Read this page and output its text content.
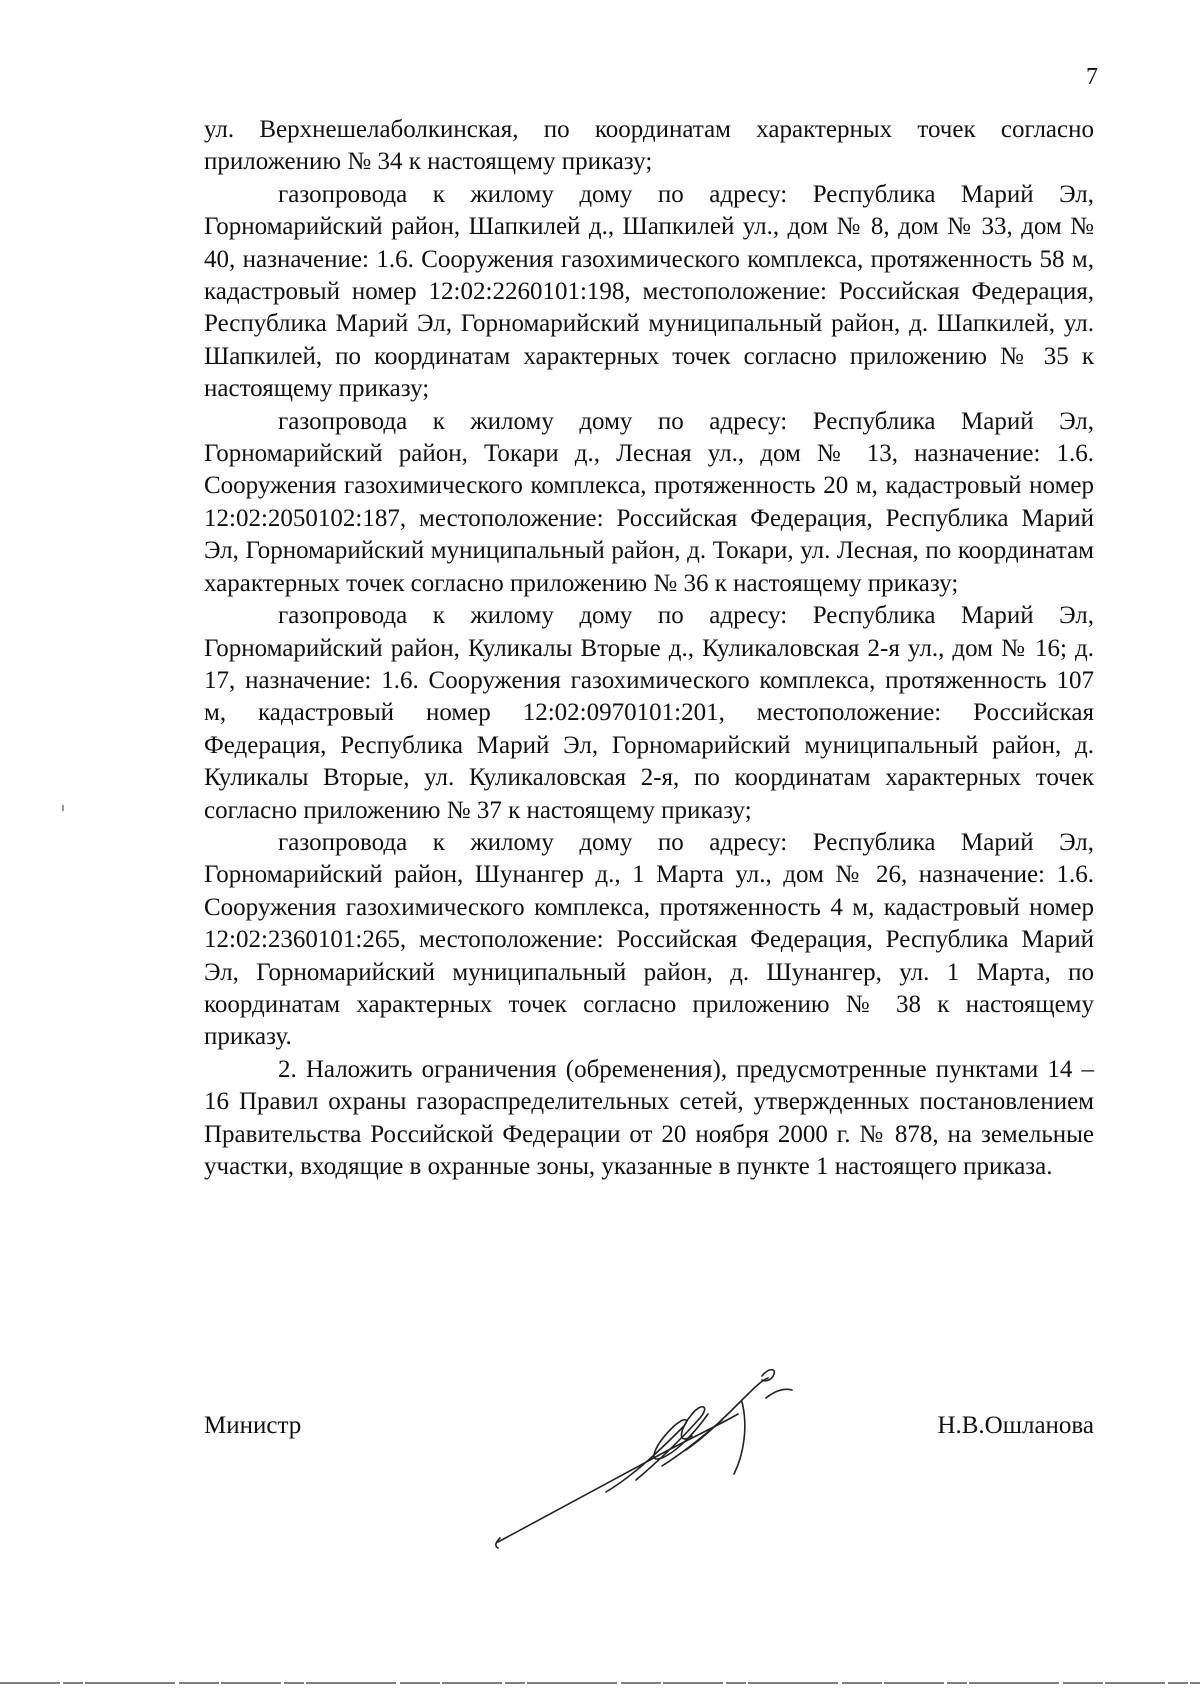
7

ул. Верхнешелаболкинская, по координатам характерных точек согласно приложению № 34 к настоящему приказу;

газопровода к жилому дому по адресу: Республика Марий Эл, Горномарийский район, Шапкилей д., Шапкилей ул., дом № 8, дом № 33, дом № 40, назначение: 1.6. Сооружения газохимического комплекса, протяженность 58 м, кадастровый номер 12:02:2260101:198, местоположение: Российская Федерация, Республика Марий Эл, Горномарийский муниципальный район, д. Шапкилей, ул. Шапкилей, по координатам характерных точек согласно приложению № 35 к настоящему приказу;

газопровода к жилому дому по адресу: Республика Марий Эл, Горномарийский район, Токари д., Лесная ул., дом № 13, назначение: 1.6. Сооружения газохимического комплекса, протяженность 20 м, кадастровый номер 12:02:2050102:187, местоположение: Российская Федерация, Республика Марий Эл, Горномарийский муниципальный район, д. Токари, ул. Лесная, по координатам характерных точек согласно приложению № 36 к настоящему приказу;

газопровода к жилому дому по адресу: Республика Марий Эл, Горномарийский район, Куликалы Вторые д., Куликаловская 2-я ул., дом № 16; д. 17, назначение: 1.6. Сооружения газохимического комплекса, протяженность 107 м, кадастровый номер 12:02:0970101:201, местоположение: Российская Федерация, Республика Марий Эл, Горномарийский муниципальный район, д. Куликалы Вторые, ул. Куликаловская 2-я, по координатам характерных точек согласно приложению № 37 к настоящему приказу;

газопровода к жилому дому по адресу: Республика Марий Эл, Горномарийский район, Шунангер д., 1 Марта ул., дом № 26, назначение: 1.6. Сооружения газохимического комплекса, протяженность 4 м, кадастровый номер 12:02:2360101:265, местоположение: Российская Федерация, Республика Марий Эл, Горномарийский муниципальный район, д. Шунангер, ул. 1 Марта, по координатам характерных точек согласно приложению № 38 к настоящему приказу.

2. Наложить ограничения (обременения), предусмотренные пунктами 14 – 16 Правил охраны газораспределительных сетей, утвержденных постановлением Правительства Российской Федерации от 20 ноября 2000 г. № 878, на земельные участки, входящие в охранные зоны, указанные в пункте 1 настоящего приказа.

Министр	Н.В.Ошланова
